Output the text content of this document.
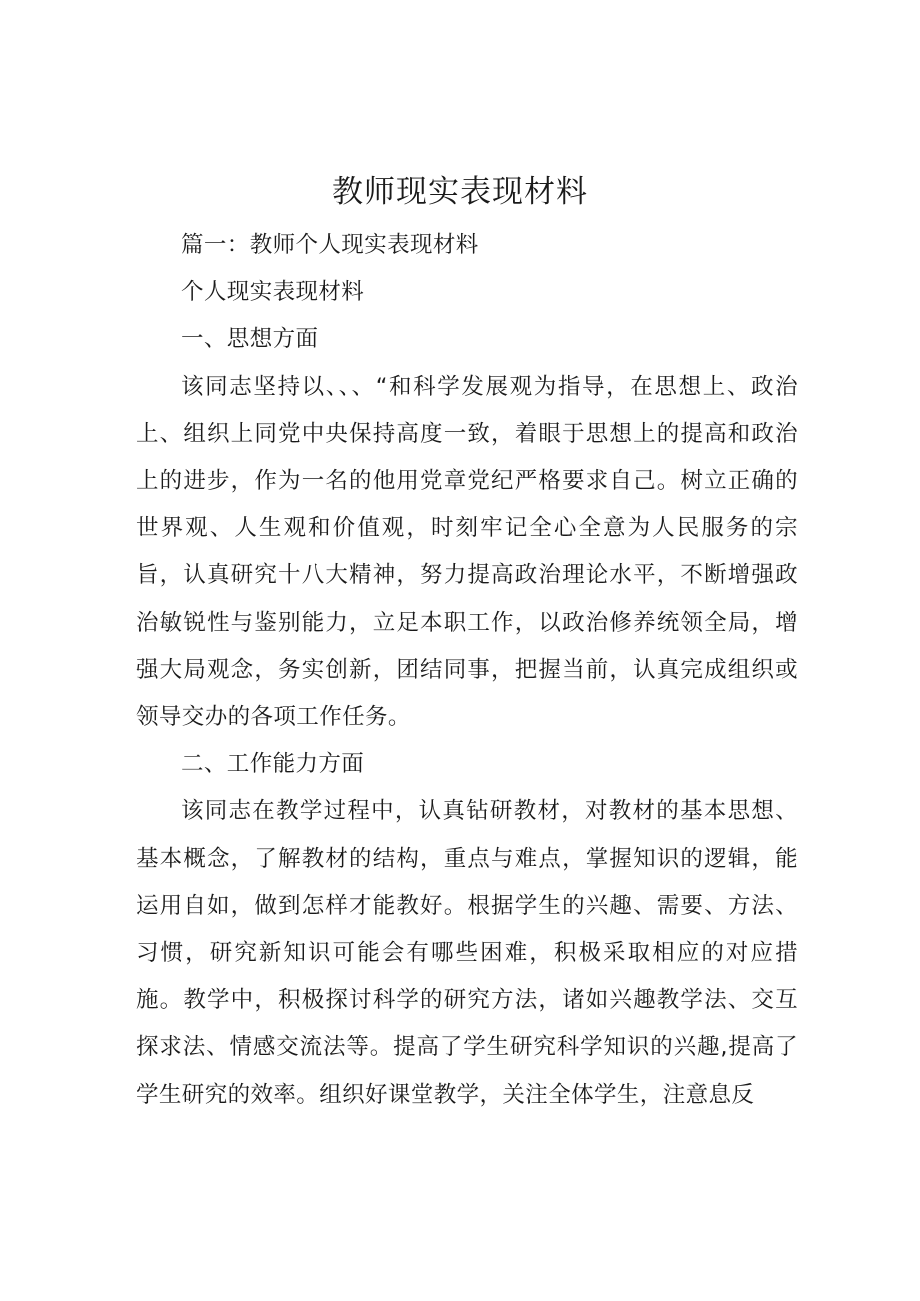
教师现实表现材料

篇一：教师个人现实表现材料

个人现实表现材料

一、思想方面

该同志坚持以、、、“和科学发展观为指导，在思想上、政治上、组织上同党中央保持高度一致，着眼于思想上的提高和政治上的进步，作为一名的他用党章党纪严格要求自己。树立正确的世界观、人生观和价值观，时刻牢记全心全意为人民服务的宗旨，认真研究十八大精神，努力提高政治理论水平，不断增强政治敏锐性与鉴别能力，立足本职工作，以政治修养统领全局，增强大局观念，务实创新，团结同事，把握当前，认真完成组织或领导交办的各项工作任务。

二、工作能力方面

该同志在教学过程中，认真钻研教材，对教材的基本思想、基本概念，了解教材的结构，重点与难点，掌握知识的逻辑，能运用自如，做到怎样才能教好。根据学生的兴趣、需要、方法、习惯，研究新知识可能会有哪些困难，积极采取相应的对应措施。教学中，积极探讨科学的研究方法，诸如兴趣教学法、交互探求法、情感交流法等。提高了学生研究科学知识的兴趣,提高了学生研究的效率。组织好课堂教学，关注全体学生，注意息反
